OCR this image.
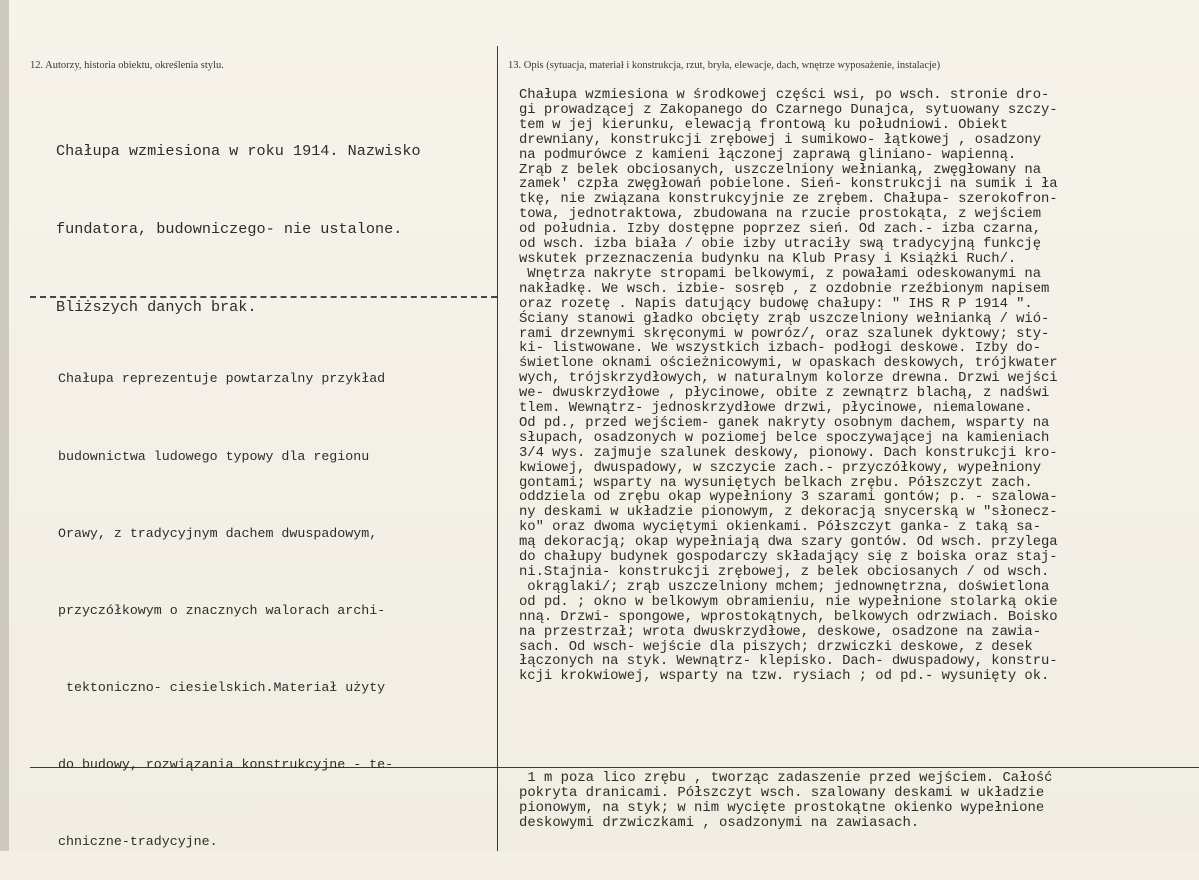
12. Autorzy, historia obiektu, określenia stylu.	13. Opis (sytuacja, materiał i konstrukcja, rzut, bryła, elewacje, dach, wnętrze wyposażenie, instalacje)

Chałupa wzmiesiona w roku 1914. Nazwisko

fundatora, budowniczego- nie ustalone.

Bliższych danych brak.

Chałupa reprezentuje powtarzalny przykład

budownictwa ludowego typowy dla regionu

Orawy, z tradycyjnym dachem dwuspadowym,

przyczółkowym o znacznych walorach archi-

tektoniczno- ciesielskich.Materiał użyty

do budowy, rozwiązania konstrukcyjne - te-

chniczne-tradycyjne.

Chałupa wzmiesiona w środkowej części wsi, po wsch. stronie dro-
gi prowadzącej z Zakopanego do Czarnego Dunajca, sytuowany szczy-
tem w jej kierunku, elewacją frontową ku południowi. Obiekt
drewniany, konstrukcji zrębowej i sumikowo- łątkowej , osadzony
na podmurówce z kamieni łączonej zaprawą gliniano- wapienną.
Zrąb z belek obciosanych, uszczelniony wełnianką, zwęgłowany na
zamek' czpła zwęgłowań pobielone. Sień- konstrukcji na sumik i ła
tkę, nie związana konstrukcyjnie ze zrębem. Chałupa- szerokofron-
towa, jednotraktowa, zbudowana na rzucie prostokąta, z wejściem
od południa. Izby dostępne poprzez sień. Od zach.- izba czarna,
od wsch. izba biała / obie izby utraciły swą tradycyjną funkcję
wskutek przeznaczenia budynku na Klub Prasy i Książki Ruch/.
Wnętrza nakryte stropami belkowymi, z powałami odeskowanymi na
nakładkę. We wsch. izbie- sosręb , z ozdobnie rzeźbionym napisem
oraz rozetę . Napis datujący budowę chałupy: " IHS R P 1914 ".
Ściany stanowi gładko obcięty zrąb uszczelniony wełnianką / wió-
rami drzewnymi skręconymi w powróz/, oraz szalunek dyktowy; sty-
ki- listwowane. We wszystkich izbach- podłogi deskowe. Izby do-
świetlone oknami ościeżnicowymi, w opaskach deskowych, trójkwater
wych, trójskrzydłowych, w naturalnym kolorze drewna. Drzwi wejści
we- dwuskrzydłowe , płycinowe, obite z zewnątrz blachą, z nadświ
tlem. Wewnątrz- jednoskrzydłowe drzwi, płycinowe, niemalowane.
Od pd., przed wejściem- ganek nakryty osobnym dachem, wsparty na
słupach, osadzonych w poziomej belce spoczywającej na kamieniach
3/4 wys. zajmuje szalunek deskowy, pionowy. Dach konstrukcji kro-
kwiowej, dwuspadowy, w szczycie zach.- przyczółkowy, wypełniony
gontami; wsparty na wysuniętych belkach zrębu. Półszczyt zach.
oddziela od zrębu okap wypełniony 3 szarami gontów; p. - szalowa-
ny deskami w układzie pionowym, z dekoracją snycerską w "słonecz-
ko" oraz dwoma wyciętymi okienkami. Półszczyt ganka- z taką sa-
mą dekoracją; okap wypełniają dwa szary gontów. Od wsch. przylega
do chałupy budynek gospodarczy składający się z boiska oraz staj-
ni.Stajnia- konstrukcji zrębowej, z belek obciosanych / od wsch.
okrąglaki/; zrąb uszczelniony mchem; jednownętrzna, doświetlona
od pd. ; okno w belkowym obramieniu, nie wypełnione stolarką okie
nną. Drzwi- spongowe, wprostokątnych, belkowych odrzwiach. Boisko
na przestrzał; wrota dwuskrzydłowe, deskowe, osadzone na zawia-
sach. Od wsch- wejście dla piszych; drzwiczki deskowe, z desek
łączonych na styk. Wewnątrz- klepisko. Dach- dwuspadowy, konstru-
kcji krokwiowej, wsparty na tzw. rysiach ; od pd.- wysunięty ok.
1 m poza lico zrębu , tworząc zadaszenie przed wejściem. Całość
pokryta dranicami. Półszczyt wsch. szalowany deskami w układzie
pionowym, na styk; w nim wycięte prostokątne okienko wypełnione
deskowymi drzwiczkami , osadzonymi na zawiasach.
